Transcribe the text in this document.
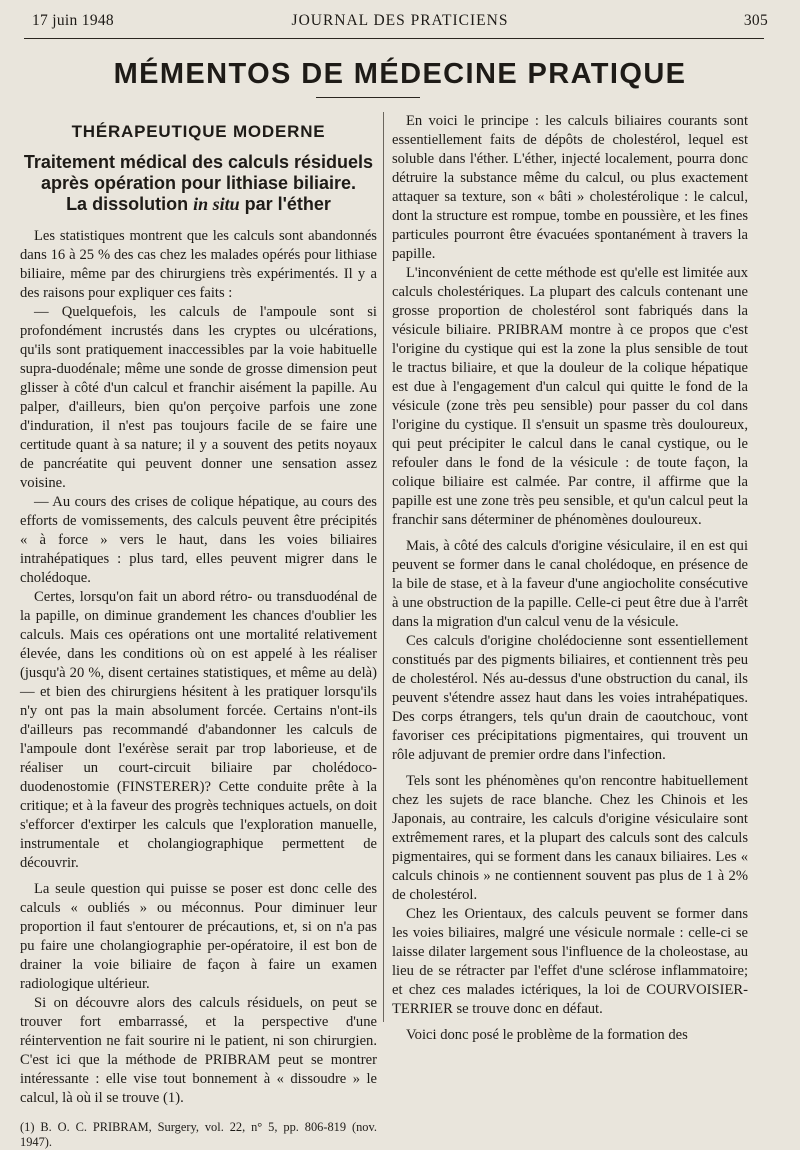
17 juin 1948	JOURNAL DES PRATICIENS	305
MÉMENTOS DE MÉDECINE PRATIQUE
THÉRAPEUTIQUE MODERNE
Traitement médical des calculs résiduels
après opération pour lithiase biliaire.
La dissolution in situ par l'éther

Les statistiques montrent que les calculs sont abandonnés dans 16 à 25 % des cas chez les malades opérés pour lithiase biliaire, même par des chirurgiens très expérimentés. Il y a des raisons pour expliquer ces faits :

— Quelquefois, les calculs de l'ampoule sont si profondément incrustés dans les cryptes ou ulcérations, qu'ils sont pratiquement inaccessibles par la voie habituelle supra-duodénale; même une sonde de grosse dimension peut glisser à côté d'un calcul et franchir aisément la papille. Au palper, d'ailleurs, bien qu'on perçoive parfois une zone d'induration, il n'est pas toujours facile de se faire une certitude quant à sa nature; il y a souvent des petits noyaux de pancréatite qui peuvent donner une sensation assez voisine.

— Au cours des crises de colique hépatique, au cours des efforts de vomissements, des calculs peuvent être précipités « à force » vers le haut, dans les voies biliaires intrahépatiques : plus tard, elles peuvent migrer dans le cholédoque.

Certes, lorsqu'on fait un abord rétro- ou transduodénal de la papille, on diminue grandement les chances d'oublier les calculs. Mais ces opérations ont une mortalité relativement élevée, dans les conditions où on est appelé à les réaliser (jusqu'à 20 %, disent certaines statistiques, et même au delà) — et bien des chirurgiens hésitent à les pratiquer lorsqu'ils n'y ont pas la main absolument forcée. Certains n'ont-ils d'ailleurs pas recommandé d'abandonner les calculs de l'ampoule dont l'exérèse serait par trop laborieuse, et de réaliser un court-circuit biliaire par cholédoco-duodenostomie (FINSTERER)? Cette conduite prête à la critique; et à la faveur des progrès techniques actuels, on doit s'efforcer d'extirper les calculs que l'exploration manuelle, instrumentale et cholangiographique permettent de découvrir.

La seule question qui puisse se poser est donc celle des calculs « oubliés » ou méconnus. Pour diminuer leur proportion il faut s'entourer de précautions, et, si on n'a pas pu faire une cholangiographie per-opératoire, il est bon de drainer la voie biliaire de façon à faire un examen radiologique ultérieur.

Si on découvre alors des calculs résiduels, on peut se trouver fort embarrassé, et la perspective d'une réintervention ne fait sourire ni le patient, ni son chirurgien. C'est ici que la méthode de PRIBRAM peut se montrer intéressante : elle vise tout bonnement à « dissoudre » le calcul, là où il se trouve (1).

(1) B. O. C. PRIBRAM, Surgery, vol. 22, n° 5, pp. 806-819 (nov. 1947).

En voici le principe : les calculs biliaires courants sont essentiellement faits de dépôts de cholestérol, lequel est soluble dans l'éther. L'éther, injecté localement, pourra donc détruire la substance même du calcul, ou plus exactement attaquer sa texture, son « bâti » cholestérolique : le calcul, dont la structure est rompue, tombe en poussière, et les fines particules pourront être évacuées spontanément à travers la papille.

L'inconvénient de cette méthode est qu'elle est limitée aux calculs cholestériques. La plupart des calculs contenant une grosse proportion de cholestérol sont fabriqués dans la vésicule biliaire. PRIBRAM montre à ce propos que c'est l'origine du cystique qui est la zone la plus sensible de tout le tractus biliaire, et que la douleur de la colique hépatique est due à l'engagement d'un calcul qui quitte le fond de la vésicule (zone très peu sensible) pour passer du col dans l'origine du cystique. Il s'ensuit un spasme très douloureux, qui peut précipiter le calcul dans le canal cystique, ou le refouler dans le fond de la vésicule : de toute façon, la colique biliaire est calmée. Par contre, il affirme que la papille est une zone très peu sensible, et qu'un calcul peut la franchir sans déterminer de phénomènes douloureux.

Mais, à côté des calculs d'origine vésiculaire, il en est qui peuvent se former dans le canal cholédoque, en présence de la bile de stase, et à la faveur d'une angiocholite consécutive à une obstruction de la papille. Celle-ci peut être due à l'arrêt dans la migration d'un calcul venu de la vésicule.

Ces calculs d'origine cholédocienne sont essentiellement constitués par des pigments biliaires, et contiennent très peu de cholestérol. Nés au-dessus d'une obstruction du canal, ils peuvent s'étendre assez haut dans les voies intrahépatiques. Des corps étrangers, tels qu'un drain de caoutchouc, vont favoriser ces précipitations pigmentaires, qui trouvent un rôle adjuvant de premier ordre dans l'infection.

Tels sont les phénomènes qu'on rencontre habituellement chez les sujets de race blanche. Chez les Chinois et les Japonais, au contraire, les calculs d'origine vésiculaire sont extrêmement rares, et la plupart des calculs sont des calculs pigmentaires, qui se forment dans les canaux biliaires. Les « calculs chinois » ne contiennent souvent pas plus de 1 à 2% de cholestérol.

Chez les Orientaux, des calculs peuvent se former dans les voies biliaires, malgré une vésicule normale : celle-ci se laisse dilater largement sous l'influence de la choleostase, au lieu de se rétracter par l'effet d'une sclérose inflammatoire; et chez ces malades ictériques, la loi de COURVOISIER-TERRIER se trouve donc en défaut.

Voici donc posé le problème de la formation des
